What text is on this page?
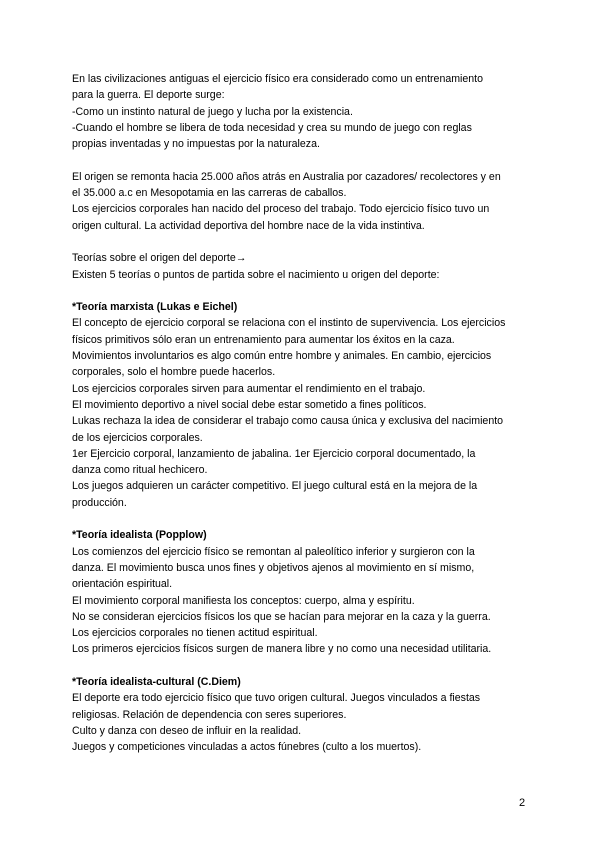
En las civilizaciones antiguas el ejercicio físico era considerado como un entrenamiento
para la guerra. El deporte surge:
-Como un instinto natural de juego y lucha por la existencia.
-Cuando el hombre se libera de toda necesidad y crea su mundo de juego con reglas
propias inventadas y no impuestas por la naturaleza.
El origen se remonta hacia 25.000 años atrás en Australia por cazadores/ recolectores y en
el 35.000 a.c en Mesopotamia en las carreras de caballos.
Los ejercicios corporales han nacido del proceso del trabajo. Todo ejercicio físico tuvo un
origen cultural. La actividad deportiva del hombre nace de la vida instintiva.
Teorías sobre el origen del deporte→
Existen 5 teorías o puntos de partida sobre el nacimiento u origen del deporte:
*Teoría marxista (Lukas e Eichel)
El concepto de ejercicio corporal se relaciona con el instinto de supervivencia. Los ejercicios
físicos primitivos sólo eran un entrenamiento para aumentar los éxitos en la caza.
Movimientos involuntarios es algo común entre hombre y animales. En cambio, ejercicios
corporales, solo el hombre puede hacerlos.
Los ejercicios corporales sirven para aumentar el rendimiento en el trabajo.
El movimiento deportivo a nivel social debe estar sometido a fines políticos.
Lukas rechaza la idea de considerar el trabajo como causa única y exclusiva del nacimiento
de los ejercicios corporales.
1er Ejercicio corporal, lanzamiento de jabalina. 1er Ejercicio corporal documentado, la
danza como ritual hechicero.
Los juegos adquieren un carácter competitivo. El juego cultural está en la mejora de la
producción.
*Teoría idealista (Popplow)
Los comienzos del ejercicio físico se remontan al paleolítico inferior y surgieron con la
danza. El movimiento busca unos fines y objetivos ajenos al movimiento en sí mismo,
orientación espiritual.
El movimiento corporal manifiesta los conceptos: cuerpo, alma y espíritu.
No se consideran ejercicios físicos los que se hacían para mejorar en la caza y la guerra.
Los ejercicios corporales no tienen actitud espiritual.
Los primeros ejercicios físicos surgen de manera libre y no como una necesidad utilitaria.
*Teoría idealista-cultural (C.Diem)
El deporte era todo ejercicio físico que tuvo origen cultural. Juegos vinculados a fiestas
religiosas. Relación de dependencia con seres superiores.
Culto y danza con deseo de influir en la realidad.
Juegos y competiciones vinculadas a actos fúnebres (culto a los muertos).
2
